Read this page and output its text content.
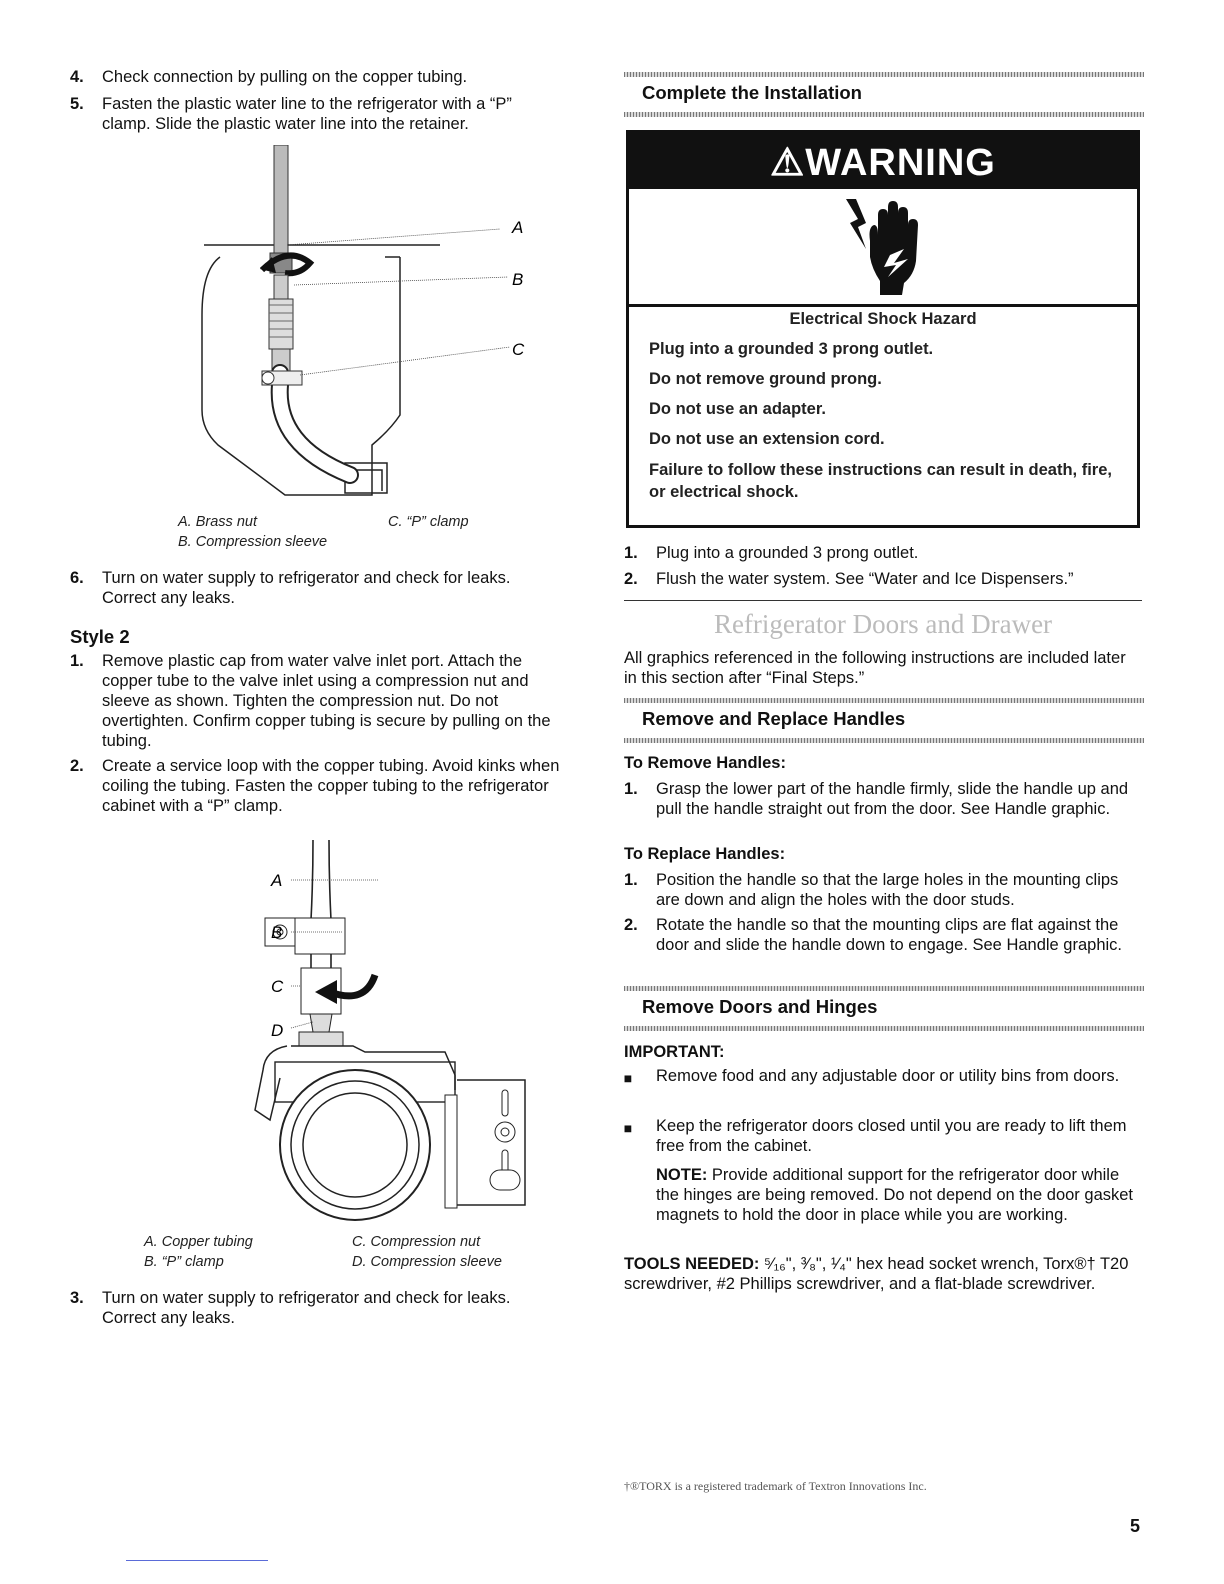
4.	Check connection by pulling on the copper tubing.
5.	Fasten the plastic water line to the refrigerator with a “P” clamp. Slide the plastic water line into the retainer.
A
B
C
A. Brass nut
B. Compression sleeve
C. “P” clamp
6.	Turn on water supply to refrigerator and check for leaks. Correct any leaks.
Style 2
1.	Remove plastic cap from water valve inlet port. Attach the copper tube to the valve inlet using a compression nut and sleeve as shown. Tighten the compression nut. Do not overtighten. Confirm copper tubing is secure by pulling on the tubing.
2.	Create a service loop with the copper tubing. Avoid kinks when coiling the tubing. Fasten the copper tubing to the refrigerator cabinet with a “P” clamp.
A
B
C
D
A. Copper tubing
B. “P” clamp
C. Compression nut
D. Compression sleeve
3.	Turn on water supply to refrigerator and check for leaks. Correct any leaks.
Complete the Installation
⚠WARNING
Electrical Shock Hazard
Plug into a grounded 3 prong outlet.
Do not remove ground prong.
Do not use an adapter.
Do not use an extension cord.
Failure to follow these instructions can result in death, fire, or electrical shock.
1.	Plug into a grounded 3 prong outlet.
2.	Flush the water system. See “Water and Ice Dispensers.”
Refrigerator Doors and Drawer
All graphics referenced in the following instructions are included later in this section after “Final Steps.”
Remove and Replace Handles
To Remove Handles:
1.	Grasp the lower part of the handle firmly, slide the handle up and pull the handle straight out from the door. See Handle graphic.
To Replace Handles:
1.	Position the handle so that the large holes in the mounting clips are down and align the holes with the door studs.
2.	Rotate the handle so that the mounting clips are flat against the door and slide the handle down to engage. See Handle graphic.
Remove Doors and Hinges
IMPORTANT:
■ Remove food and any adjustable door or utility bins from doors.
■ Keep the refrigerator doors closed until you are ready to lift them free from the cabinet.
NOTE: Provide additional support for the refrigerator door while the hinges are being removed. Do not depend on the door gasket magnets to hold the door in place while you are working.
TOOLS NEEDED: ⁵⁄₁₆", ³⁄₈", ¹⁄₄" hex head socket wrench, Torx®† T20 screwdriver, #2 Phillips screwdriver, and a flat-blade screwdriver.
†®TORX is a registered trademark of Textron Innovations Inc.
5
